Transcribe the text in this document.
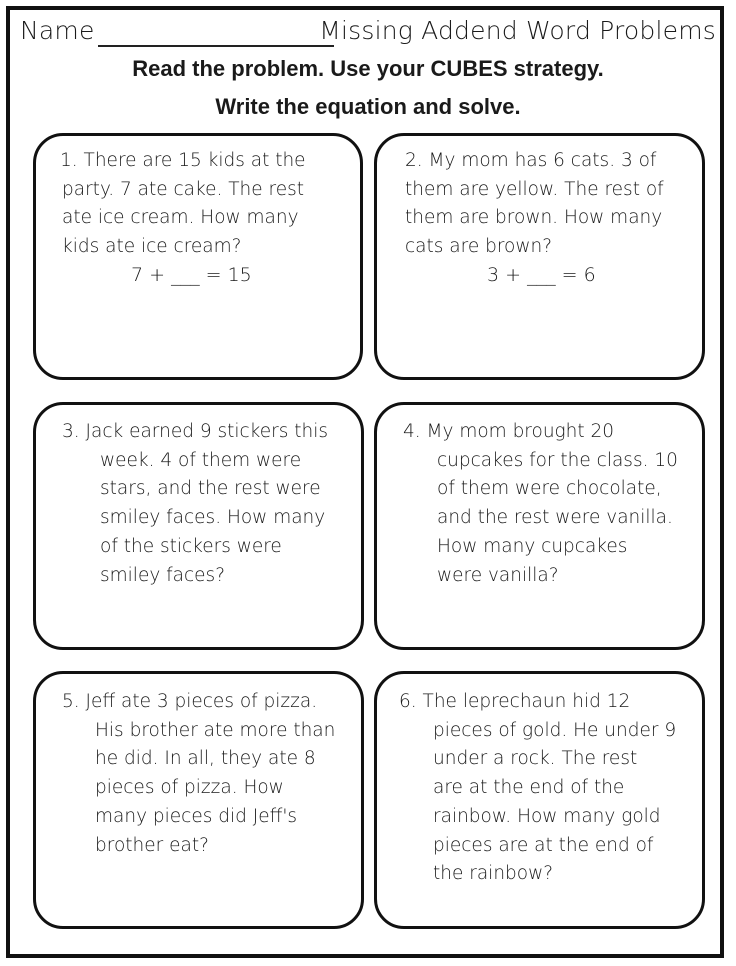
Name	Missing Addend Word Problems
Read the problem. Use your CUBES strategy.
Write the equation and solve.
1. There are 15 kids at the
party. 7 ate cake. The rest
ate ice cream. How many
kids ate ice cream?
7 + ___ = 15
2. My mom has 6 cats. 3 of
them are yellow. The rest of
them are brown. How many
cats are brown?
3 + ___ = 6
3. Jack earned 9 stickers this
week. 4 of them were
stars, and the rest were
smiley faces. How many
of the stickers were
smiley faces?
4. My mom brought 20
cupcakes for the class. 10
of them were chocolate,
and the rest were vanilla.
How many cupcakes
were vanilla?
5. Jeff ate 3 pieces of pizza.
His brother ate more than
he did. In all, they ate 8
pieces of pizza. How
many pieces did Jeff's
brother eat?
6. The leprechaun hid 12
pieces of gold. He under 9
under a rock. The rest
are at the end of the
rainbow. How many gold
pieces are at the end of
the rainbow?
